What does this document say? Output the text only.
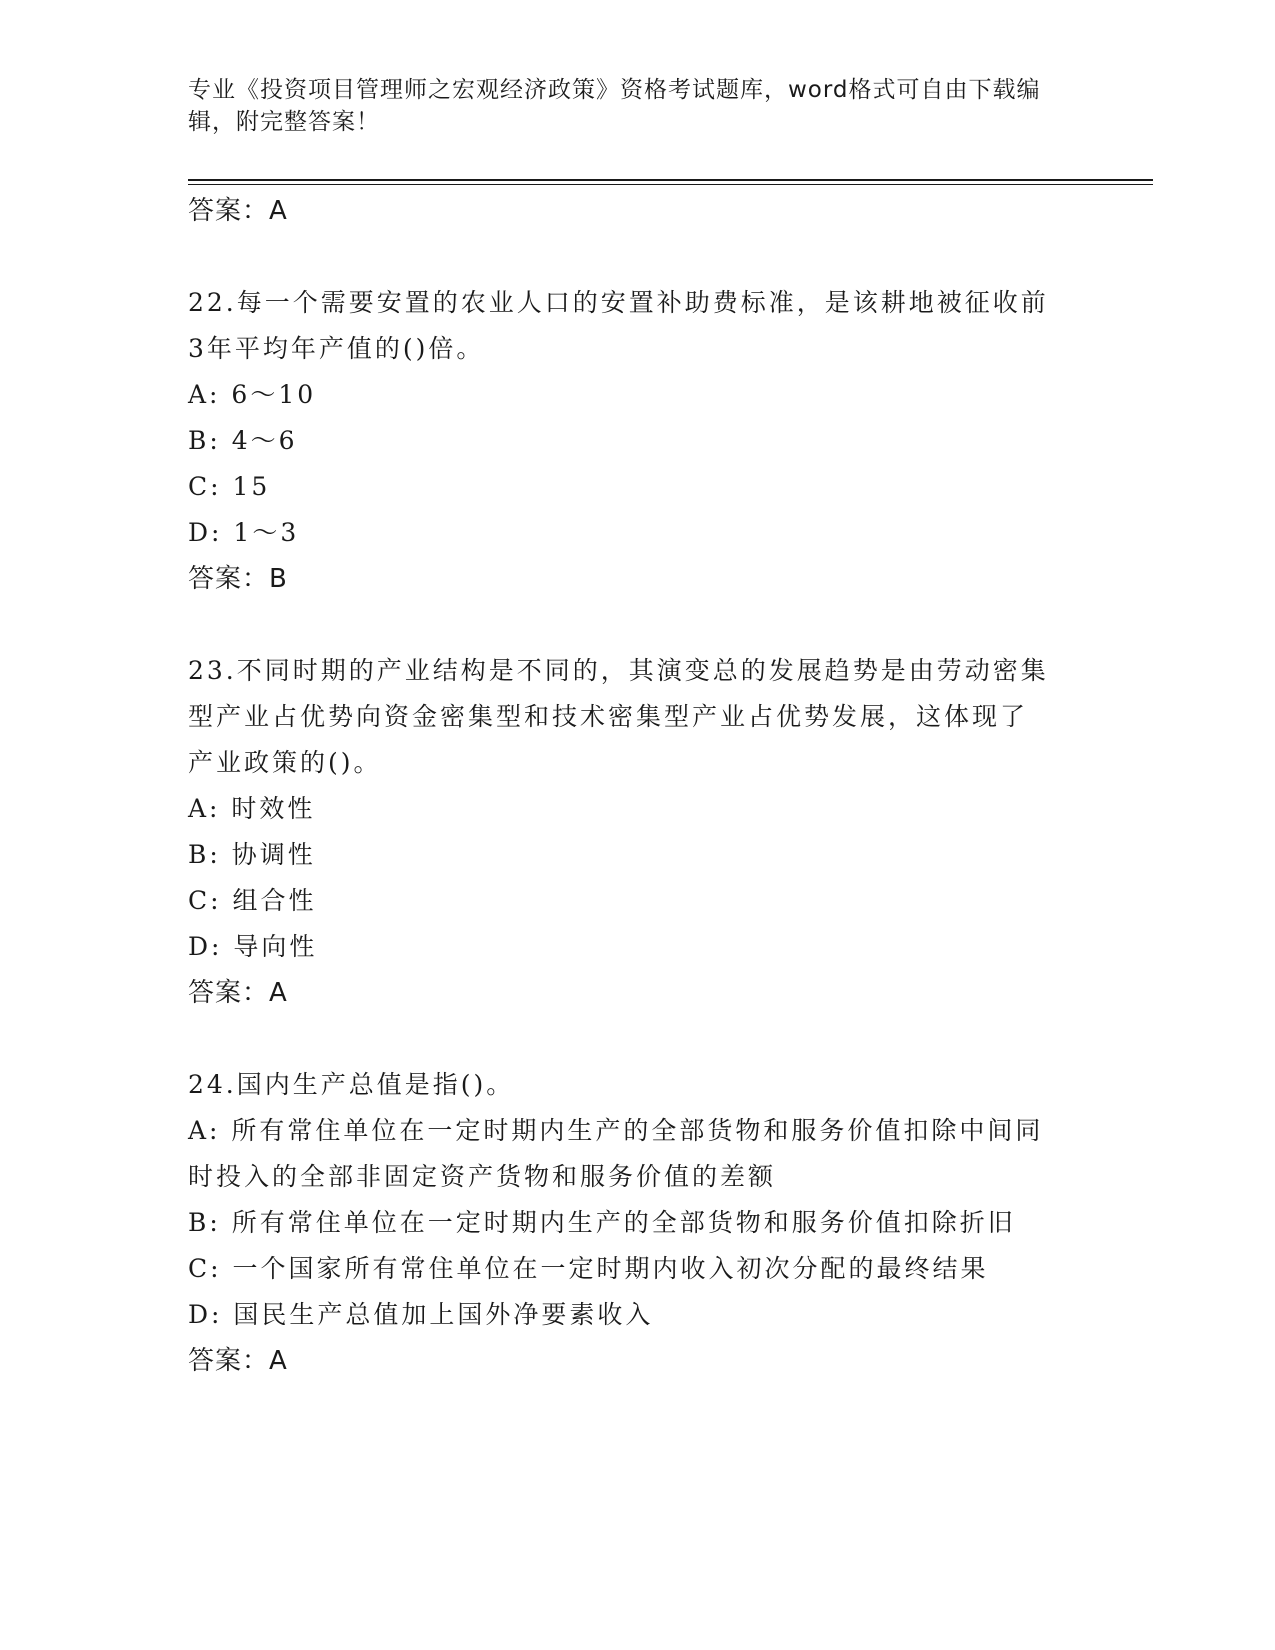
专业《投资项目管理师之宏观经济政策》资格考试题库，word格式可自由下载编
辑，附完整答案！
答案：A
22.每一个需要安置的农业人口的安置补助费标准，是该耕地被征收前
3年平均年产值的()倍。
A: 6～10
B: 4～6
C: 15
D: 1～3
答案：B
23.不同时期的产业结构是不同的，其演变总的发展趋势是由劳动密集
型产业占优势向资金密集型和技术密集型产业占优势发展，这体现了
产业政策的()。
A: 时效性
B: 协调性
C: 组合性
D: 导向性
答案：A
24.国内生产总值是指()。
A: 所有常住单位在一定时期内生产的全部货物和服务价值扣除中间同
时投入的全部非固定资产货物和服务价值的差额
B: 所有常住单位在一定时期内生产的全部货物和服务价值扣除折旧
C: 一个国家所有常住单位在一定时期内收入初次分配的最终结果
D: 国民生产总值加上国外净要素收入
答案：A
